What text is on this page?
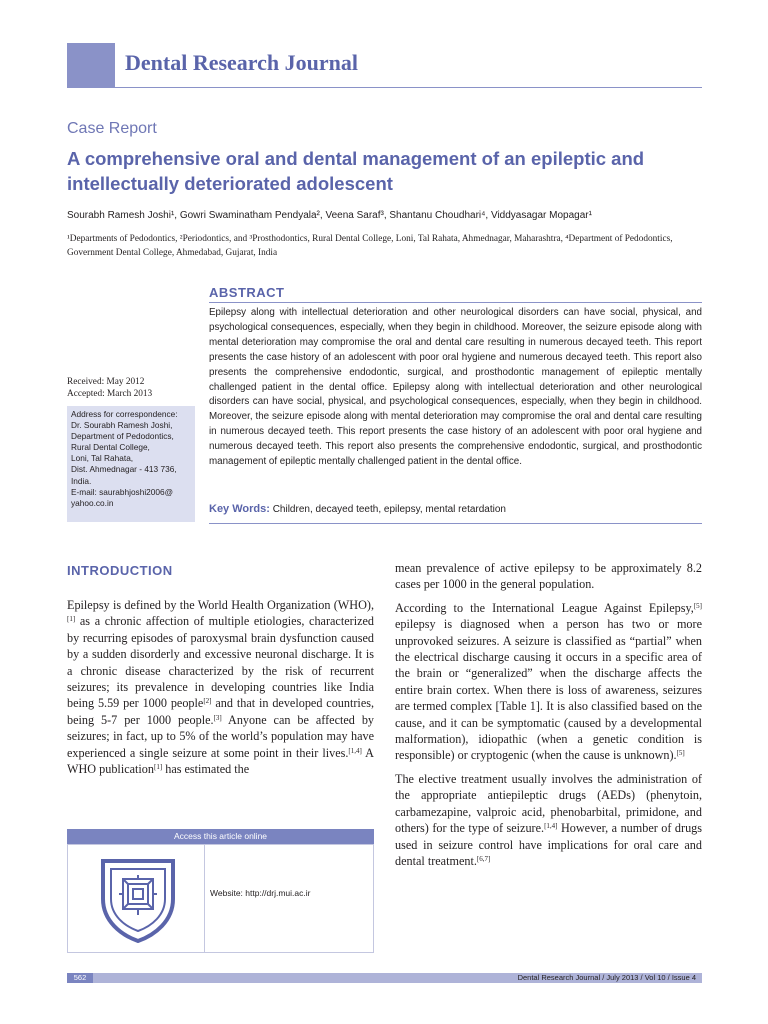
Dental Research Journal
Case Report
A comprehensive oral and dental management of an epileptic and intellectually deteriorated adolescent
Sourabh Ramesh Joshi¹, Gowri Swaminatham Pendyala², Veena Saraf³, Shantanu Choudhari⁴, Viddyasagar Mopagar¹
¹Departments of Pedodontics, ²Periodontics, and ³Prosthodontics, Rural Dental College, Loni, Tal Rahata, Ahmednagar, Maharashtra, ⁴Department of Pedodontics, Government Dental College, Ahmedabad, Gujarat, India
Received: May 2012
Accepted: March 2013
Address for correspondence:
Dr. Sourabh Ramesh Joshi,
Department of Pedodontics,
Rural Dental College,
Loni, Tal Rahata,
Dist. Ahmednagar - 413 736,
India.
E-mail: saurabhjoshi2006@
yahoo.co.in
ABSTRACT
Epilepsy along with intellectual deterioration and other neurological disorders can have social, physical, and psychological consequences, especially, when they begin in childhood. Moreover, the seizure episode along with mental deterioration may compromise the oral and dental care resulting in numerous decayed teeth. This report presents the case history of an adolescent with poor oral hygiene and numerous decayed teeth. This report also presents the comprehensive endodontic, surgical, and prosthodontic management of epileptic mentally challenged patient in the dental office. Epilepsy along with intellectual deterioration and other neurological disorders can have social, physical, and psychological consequences, especially, when they begin in childhood. Moreover, the seizure episode along with mental deterioration may compromise the oral and dental care resulting in numerous decayed teeth. This report presents the case history of an adolescent with poor oral hygiene and numerous decayed teeth. This report also presents the comprehensive endodontic, surgical, and prosthodontic management of epileptic mentally challenged patient in the dental office.
Key Words: Children, decayed teeth, epilepsy, mental retardation
INTRODUCTION
Epilepsy is defined by the World Health Organization (WHO),[1] as a chronic affection of multiple etiologies, characterized by recurring episodes of paroxysmal brain dysfunction caused by a sudden disorderly and excessive neuronal discharge. It is a chronic disease characterized by the risk of recurrent seizures; its prevalence in developing countries like India being 5.59 per 1000 people[2] and that in developed countries, being 5-7 per 1000 people.[3] Anyone can be affected by seizures; in fact, up to 5% of the world’s population may have experienced a single seizure at some point in their lives.[1,4] A WHO publication[1] has estimated the

mean prevalence of active epilepsy to be approximately 8.2 cases per 1000 in the general population.

According to the International League Against Epilepsy,[5] epilepsy is diagnosed when a person has two or more unprovoked seizures. A seizure is classified as “partial” when the electrical discharge causing it occurs in a specific area of the brain or “generalized” when the discharge affects the entire brain cortex. When there is loss of awareness, seizures are termed complex [Table 1]. It is also classified based on the cause, and it can be symptomatic (caused by a developmental malformation), idiopathic (when a genetic condition is responsible) or cryptogenic (when the cause is unknown).[5]

The elective treatment usually involves the administration of the appropriate antiepileptic drugs (AEDs) (phenytoin, carbamezapine, valproic acid, phenobarbital, primidone, and others) for the type of seizure.[1,4] However, a number of drugs used in seizure control have implications for oral care and dental treatment.[6,7]

Access this article online
Website: http://drj.mui.ac.ir
562	Dental Research Journal / July 2013 / Vol 10 / Issue 4
